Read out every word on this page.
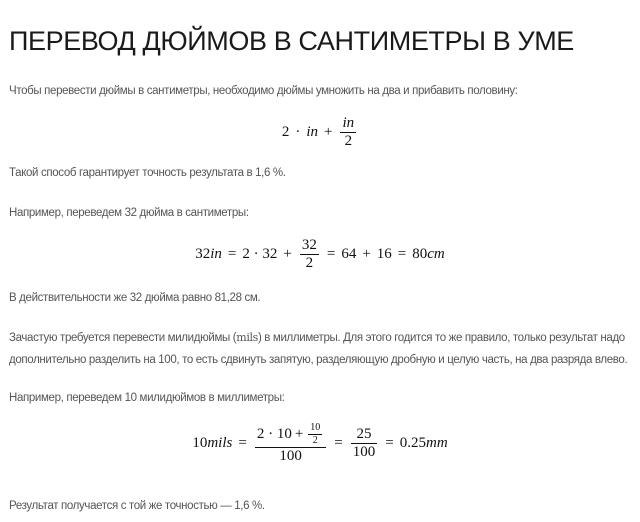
ПЕРЕВОД ДЮЙМОВ В САНТИМЕТРЫ В УМЕ

Чтобы перевести дюймы в сантиметры, необходимо дюймы умножить на два и прибавить половину:

2 · in + $\frac{in}{2}$

Такой способ гарантирует точность результата в 1,6 %.

Например, переведем 32 дюйма в сантиметры:

$32in = 2 \cdot 32 + \frac{32}{2} = 64 + 16 = 80cm$

В действительности же 32 дюйма равно 81,28 см.

Зачастую требуется перевести милидюймы (mils) в миллиметры. Для этого годится то же правило, только результат надо

дополнительно разделить на 100, то есть сдвинуть запятую, разделяющую дробную и целую часть, на два разряда влево.

Например, переведем 10 милидюймов в миллиметры:

10mils =
$2 \cdot 10 + \frac{10}{2}$
100
= $\frac{25}{100} = 0.25mm$

Результат получается с той же точностью — 1,6 %.
